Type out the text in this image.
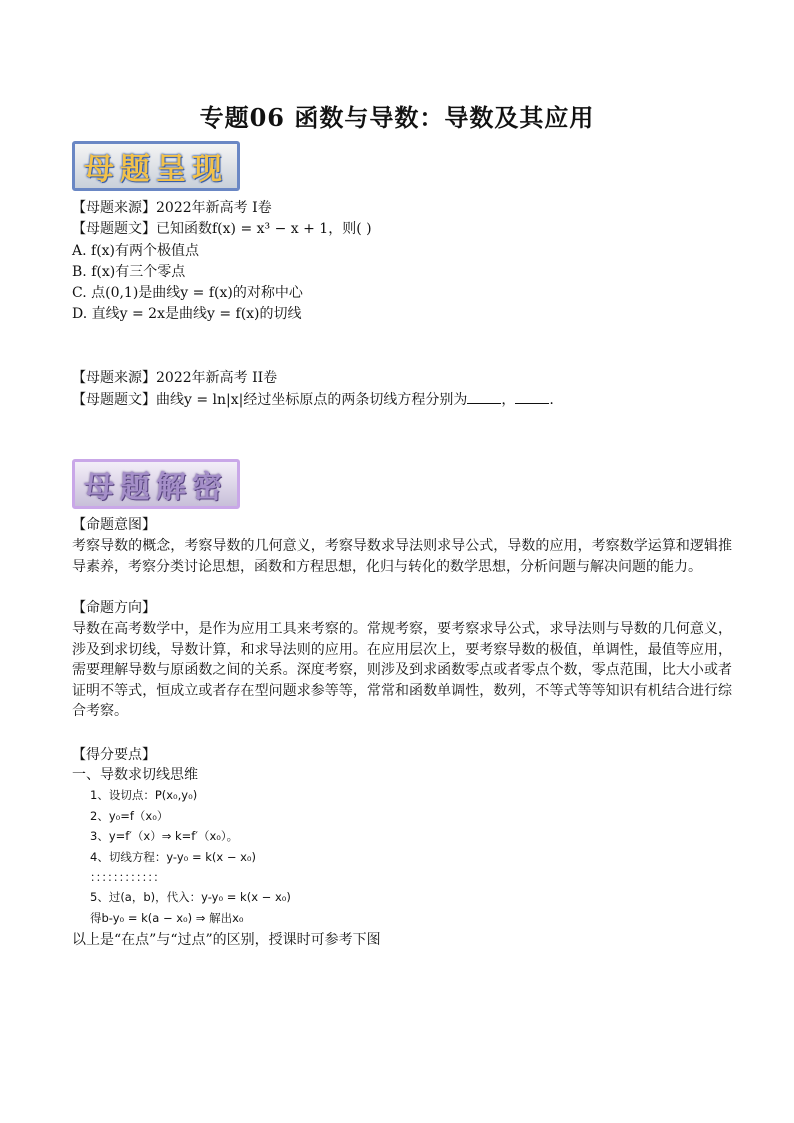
专题06 函数与导数：导数及其应用
母题呈现
【母题来源】2022年新高考 I卷
【母题题文】已知函数f(x) = x³ − x + 1，则( )
A. f(x)有两个极值点
B. f(x)有三个零点
C. 点(0,1)是曲线y = f(x)的对称中心
D. 直线y = 2x是曲线y = f(x)的切线
【母题来源】2022年新高考 II卷
【母题题文】曲线y = ln|x|经过坐标原点的两条切线方程分别为 ， .
母题解密
【命题意图】
考察导数的概念，考察导数的几何意义，考察导数求导法则求导公式，导数的应用，考察数学运算和逻辑推导素养，考察分类讨论思想，函数和方程思想，化归与转化的数学思想，分析问题与解决问题的能力。
【命题方向】
导数在高考数学中，是作为应用工具来考察的。常规考察，要考察求导公式，求导法则与导数的几何意义，涉及到求切线，导数计算，和求导法则的应用。在应用层次上，要考察导数的极值，单调性，最值等应用，需要理解导数与原函数之间的关系。深度考察，则涉及到求函数零点或者零点个数，零点范围，比大小或者证明不等式，恒成立或者存在型问题求参等等，常常和函数单调性，数列，不等式等等知识有机结合进行综合考察。
【得分要点】
一、导数求切线思维
1、设切点：P(x₀,y₀)
2、y₀=f（x₀）
3、y=f′（x）⇒ k=f′（x₀）。
4、切线方程：y-y₀ = k(x − x₀)
：：：：：：：：：：：：
5、过(a，b)，代入：y-y₀ = k(x − x₀)
得b-y₀ = k(a − x₀) ⇒ 解出x₀
以上是“在点”与“过点”的区别，授课时可参考下图
